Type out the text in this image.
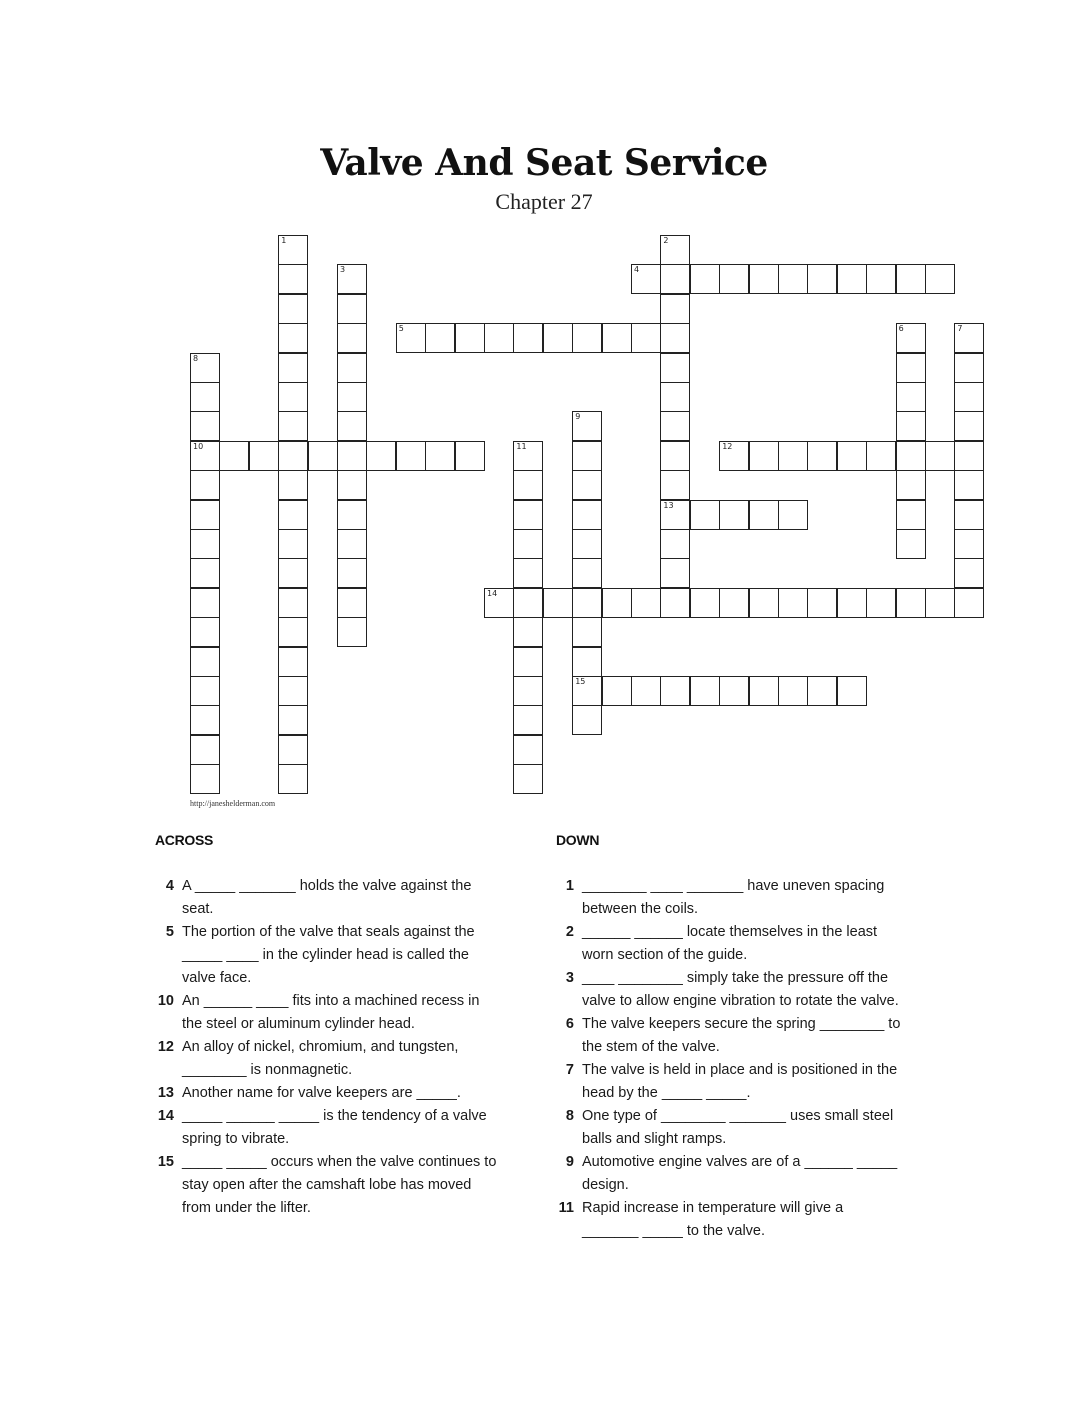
Valve And Seat Service
Chapter 27
1	2
13
3	4
5	6	7
8
10
9
15
11	12
14
http://janeshelderman.com
ACROSS	DOWN
4 A _____ _______ holds the valve against the seat.
5 The portion of the valve that seals against the _____ ____ in the cylinder head is called the valve face.
10 An ______ ____ fits into a machined recess in the steel or aluminum cylinder head.
12 An alloy of nickel, chromium, and tungsten, ________ is nonmagnetic.
13 Another name for valve keepers are _____.
14 _____ ______ _____ is the tendency of a valve spring to vibrate.
15 _____ _____ occurs when the valve continues to stay open after the camshaft lobe has moved from under the lifter.
1 ________ ____ _______ have uneven spacing between the coils.
2 ______ ______ locate themselves in the least worn section of the guide.
3 ____ ________ simply take the pressure off the valve to allow engine vibration to rotate the valve.
6 The valve keepers secure the spring ________ to the stem of the valve.
7 The valve is held in place and is positioned in the head by the _____ _____.
8 One type of ________ _______ uses small steel balls and slight ramps.
9 Automotive engine valves are of a ______ _____ design.
11 Rapid increase in temperature will give a _______ _____ to the valve.
